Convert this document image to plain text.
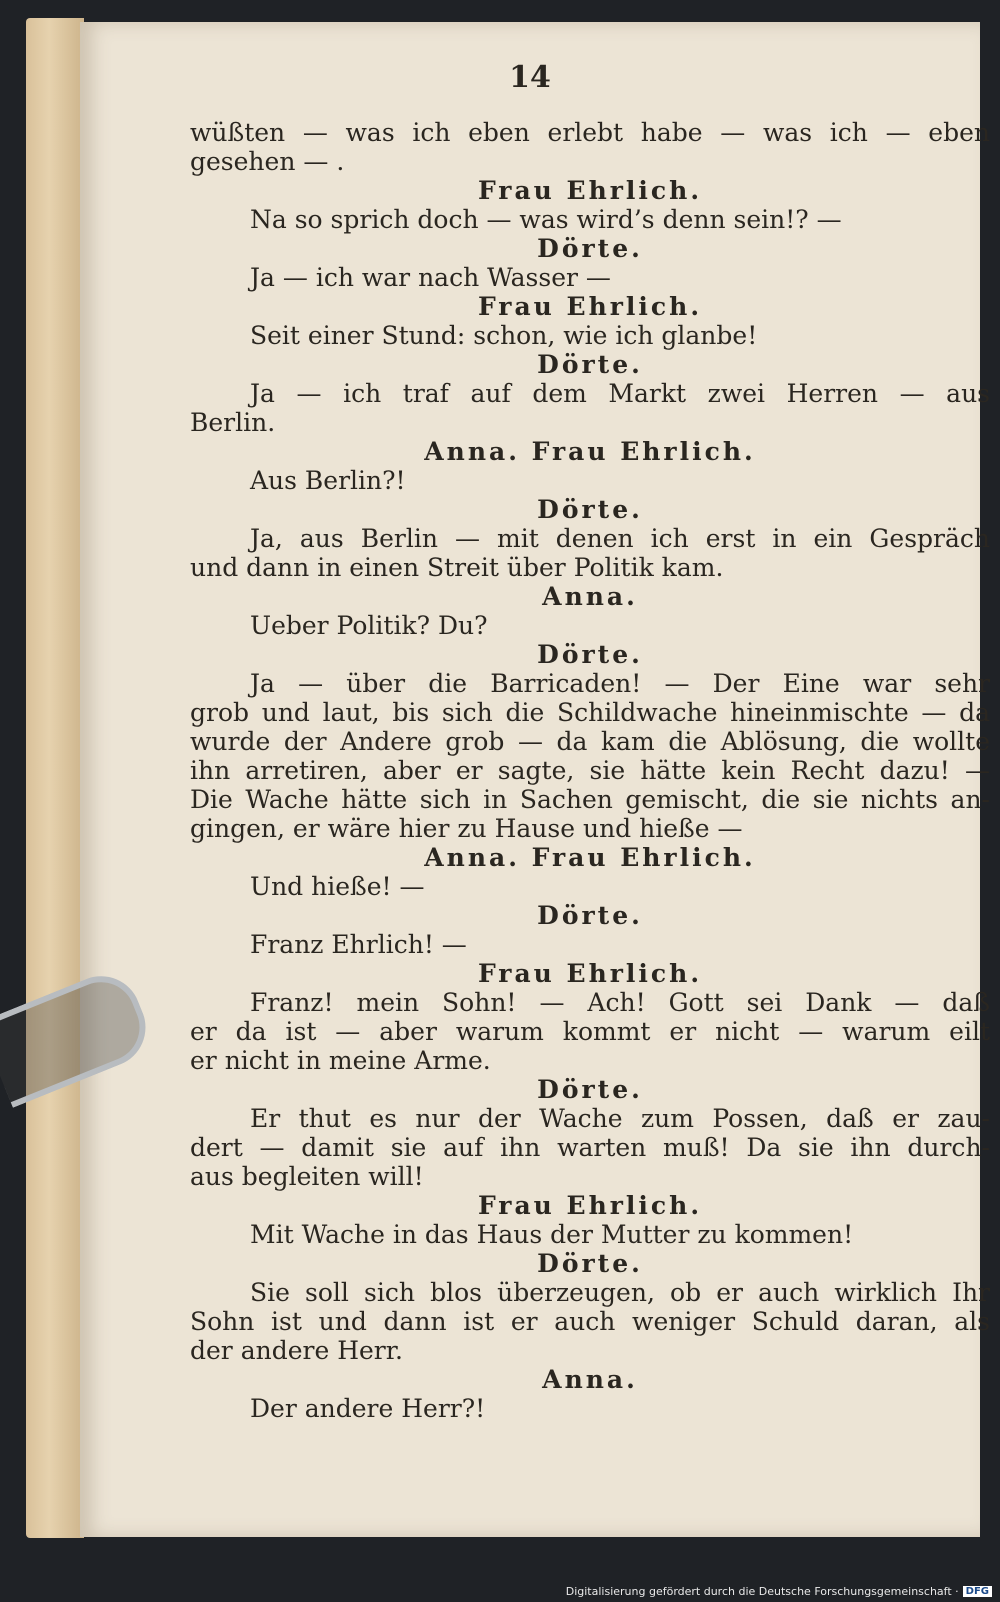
14
wüßten — was ich eben erlebt habe — was ich — eben
gesehen — .
Frau Ehrlich.
Na so sprich doch — was wird’s denn sein!? —
Dörte.
Ja — ich war nach Wasser —
Frau Ehrlich.
Seit einer Stund: schon, wie ich glanbe!
Dörte.
Ja — ich traf auf dem Markt zwei Herren — aus
Berlin.
Anna. Frau Ehrlich.
Aus Berlin?!
Dörte.
Ja, aus Berlin — mit denen ich erst in ein Gespräch
und dann in einen Streit über Politik kam.
Anna.
Ueber Politik? Du?
Dörte.
Ja — über die Barricaden! — Der Eine war sehr
grob und laut, bis sich die Schildwache hineinmischte — da
wurde der Andere grob — da kam die Ablösung, die wollte
ihn arretiren, aber er sagte, sie hätte kein Recht dazu! —
Die Wache hätte sich in Sachen gemischt, die sie nichts an-
gingen, er wäre hier zu Hause und hieße —
Anna. Frau Ehrlich.
Und hieße! —
Dörte.
Franz Ehrlich! —
Frau Ehrlich.
Franz! mein Sohn! — Ach! Gott sei Dank — daß
er da ist — aber warum kommt er nicht — warum eilt
er nicht in meine Arme.
Dörte.
Er thut es nur der Wache zum Possen, daß er zau-
dert — damit sie auf ihn warten muß! Da sie ihn durch-
aus begleiten will!
Frau Ehrlich.
Mit Wache in das Haus der Mutter zu kommen!
Dörte.
Sie soll sich blos überzeugen, ob er auch wirklich Ihr
Sohn ist und dann ist er auch weniger Schuld daran, als
der andere Herr.
Anna.
Der andere Herr?!
Digitalisierung gefördert durch die Deutsche Forschungsgemeinschaft · DFG
